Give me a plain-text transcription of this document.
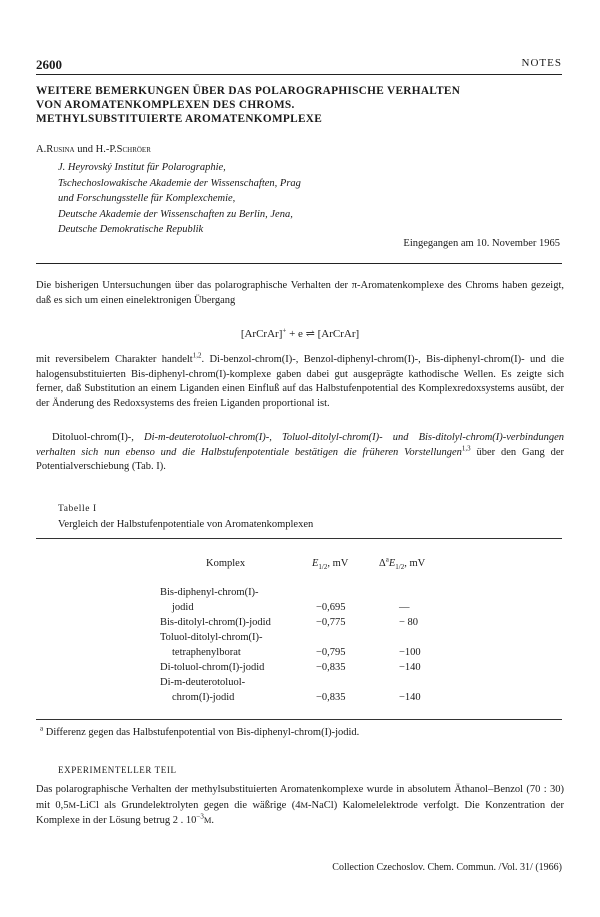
2600	NOTES
WEITERE BEMERKUNGEN ÜBER DAS POLAROGRAPHISCHE VERHALTEN
VON AROMATENKOMPLEXEN DES CHROMS.
METHYLSUBSTITUIERTE AROMATENKOMPLEXE
A.Rusina und H.-P.Schröer
J. Heyrovský Institut für Polarographie,
Tschechoslowakische Akademie der Wissenschaften, Prag
und Forschungsstelle für Komplexchemie,
Deutsche Akademie der Wissenschaften zu Berlin, Jena,
Deutsche Demokratische Republik
Eingegangen am 10. November 1965
Die bisherigen Untersuchungen über das polarographische Verhalten der π-Aromatenkomplexe des Chroms haben gezeigt, daß es sich um einen einelektronigen Übergang
[ArCrAr]+ + e ⇌ [ArCrAr]
mit reversibelem Charakter handelt$^{1,2}$. Di-benzol-chrom(I)-, Benzol-diphenyl-chrom(I)-, Bis-diphenyl-chrom(I)- und die halogensubstituierten Bis-diphenyl-chrom(I)-komplexe gaben dabei gut ausgeprägte kathodische Wellen. Es zeigte sich ferner, daß Substitution an einem Liganden einen Einfluß auf das Halbstufenpotential des Komplexredoxsystems ausübt, der der Änderung des Redoxsystems des freien Liganden proportional ist.
Ditoluol-chrom(I)-, Di-m-deuterotoluol-chrom(I)-, Toluol-ditolyl-chrom(I)- und Bis-ditolyl-chrom(I)-verbindungen verhalten sich nun ebenso und die Halbstufenpotentiale bestätigen die früheren Vorstellungen$^{1,3}$ über den Gang der Potentialverschiebung (Tab. I).
Tabelle I
Vergleich der Halbstufenpotentiale von Aromatenkomplexen
Komplex	$E_{1/2}$, mV	$\Delta^aE_{1/2}$, mV
Bis-diphenyl-chrom(I)-
jodid	−0,695	—
Bis-ditolyl-chrom(I)-jodid	−0,775	− 80
Toluol-ditolyl-chrom(I)-
tetraphenylborat	−0,795	−100
Di-toluol-chrom(I)-jodid	−0,835	−140
Di-m-deuterotoluol-
chrom(I)-jodid	−0,835	−140
$^a$ Differenz gegen das Halbstufenpotential von Bis-diphenyl-chrom(I)-jodid.
EXPERIMENTELLER TEIL
Das polarographische Verhalten der methylsubstituierten Aromatenkomplexe wurde in absolutem Äthanol–Benzol (70 : 30) mit 0,5M-LiCl als Grundelektrolyten gegen die wäßrige (4M-NaCl) Kalomelelektrode verfolgt. Die Konzentration der Komplexe in der Lösung betrug 2 . $10^{-3}M$.
Collection Czechoslov. Chem. Commun. /Vol. 31/ (1966)
